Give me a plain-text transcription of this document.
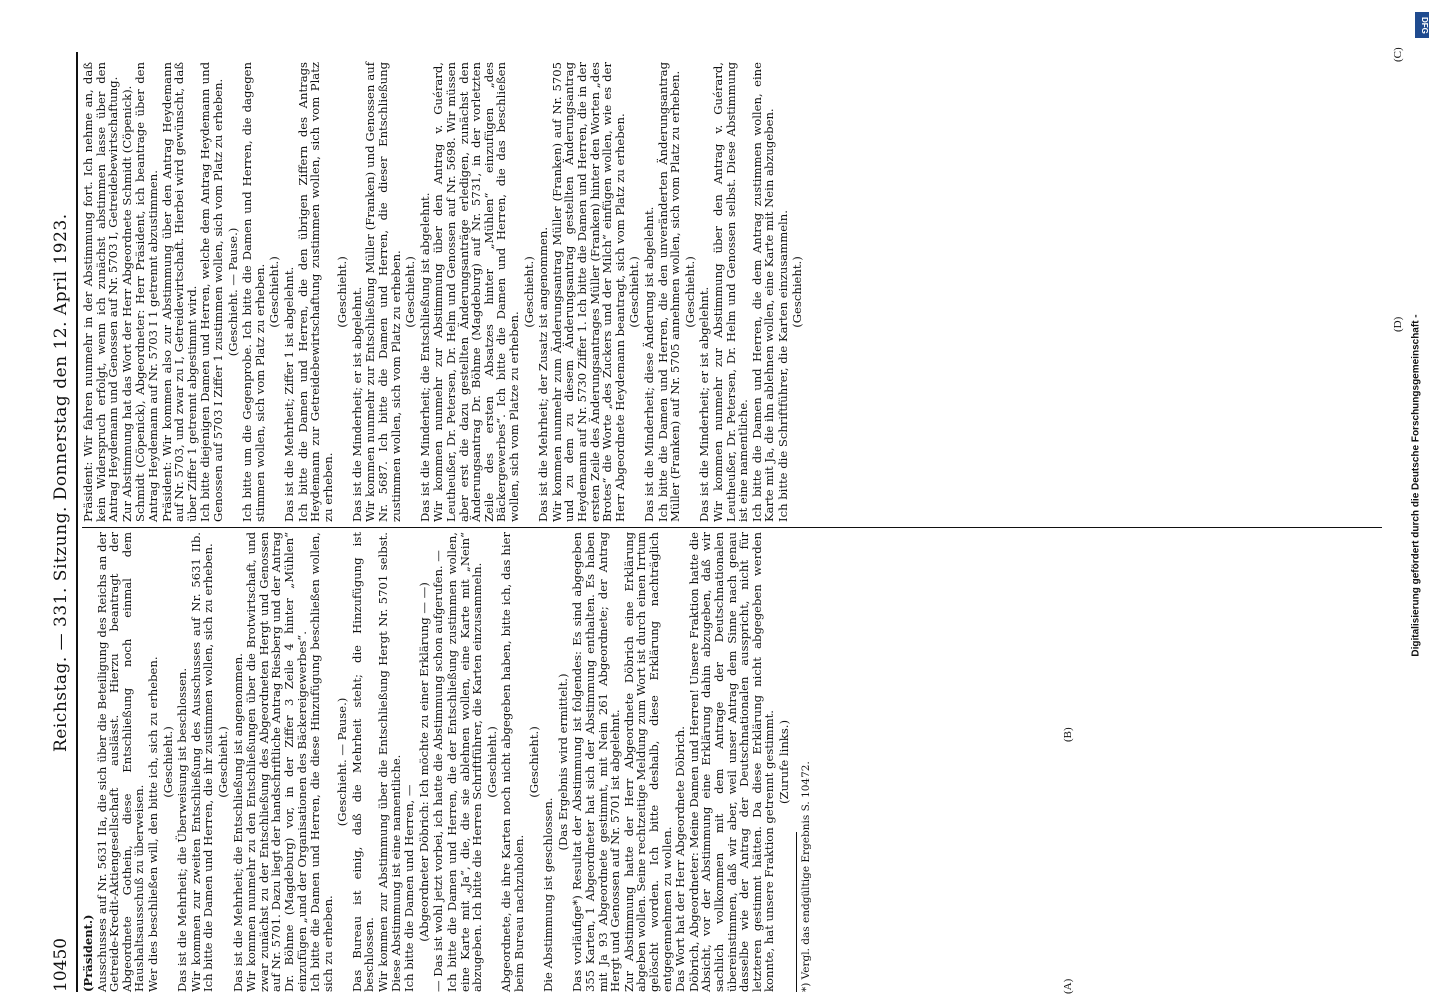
10450
Reichstag. — 331. Sitzung. Donnerstag den 12. April 1923.

(Präsident.) Ausschusses auf Nr. 5631 IIa, die sich über die Beteiligung des Reichs an der Getreide-Kredit-Aktiengesellschaft auslässt. Hierzu beantragt der Abgeordnete Gothein, diese Entschließung noch einmal dem Haushaltsausschuß zu überweisen. Wer dies beschließen will, den bitte ich, sich zu erheben. (Geschieht.) Das ist die Mehrheit; die Überweisung ist beschlossen. Wir kommen zur zweiten Entschließung des Ausschusses auf Nr. 5631 IIb. Ich bitte die Damen und Herren, die ihr zustimmen wollen, sich zu erheben. (Geschieht.) Das ist die Mehrheit; die Entschließung ist angenommen. Wir kommen nunmehr zu den Entschließungen über die Brotwirtschaft, und zwar zunächst zu der Entschließung des Abgeordneten Hergt und Genossen auf Nr. 5701. Dazu liegt der handschriftliche Antrag Riesberg und der Antrag Dr. Böhme (Magdeburg) vor, in der Ziffer 3 Zeile 4 hinter „Mühlen“ einzufügen „und der Organisationen des Bäckereigewerbes“. Ich bitte die Damen und Herren, die diese Hinzufügung beschließen wollen, sich zu erheben.

(Geschieht. — Pause.) Das Bureau ist einig, daß die Mehrheit steht; die Hinzufügung ist beschlossen. Wir kommen zur Abstimmung über die Entschließung Hergt Nr. 5701 selbst. Diese Abstimmung ist eine namentliche. Ich bitte die Damen und Herren, — (Abgeordneter Döbrich: Ich möchte zu einer Erklärung — —) — Das ist wohl jetzt vorbei, ich hatte die Abstimmung schon aufgerufen. — Ich bitte die Damen und Herren, die der Entschließung zustimmen wollen, eine Karte mit „Ja“, die, die sie ablehnen wollen, eine Karte mit „Nein“ abzugeben. Ich bitte die Herren Schriftführer, die Karten einzusammeln. (Geschieht.) Abgeordnete, die ihre Karten noch nicht abgegeben haben, bitte ich, das hier beim Bureau nachzuholen.

(Geschieht.)

Die Abstimmung ist geschlossen.

(Das Ergebnis wird ermittelt.) Das vorläufige*) Resultat der Abstimmung ist folgendes: Es sind abgegeben 355 Karten, 1 Abgeordneter hat sich der Abstimmung enthalten. Es haben mit Ja 93 Abgeordnete gestimmt, mit Nein 261 Abgeordnete; der Antrag Hergt und Genossen auf Nr. 5701 ist abgelehnt. Zur Abstimmung hatte der Herr Abgeordnete Döbrich eine Erklärung abgeben wollen. Seine rechtzeitige Meldung zum Wort ist durch einen Irrtum gelöscht worden. Ich bitte deshalb, diese Erklärung nachträglich entgegennehmen zu wollen. Das Wort hat der Herr Abgeordnete Döbrich. Döbrich, Abgeordneter: Meine Damen und Herren! Unsere Fraktion hatte die Absicht, vor der Abstimmung eine Erklärung dahin abzugeben, daß wir sachlich vollkommen mit dem Antrage der Deutschnationalen übereinstimmen, daß wir aber, weil unser Antrag dem Sinne nach genau dasselbe wie der Antrag der Deutschnationalen ausspricht, nicht für letzteren gestimmt hätten. Da diese Erklärung nicht abgegeben werden konnte, hat unsere Fraktion getrennt gestimmt. (Zurufe links.) *) Vergl. das endgültige Ergebnis S. 10472.

Präsident: Wir fahren nunmehr in der Abstimmung fort. Ich nehme an, daß kein Widerspruch erfolgt, wenn ich zunächst abstimmen lasse über den Antrag Heydemann und Genossen auf Nr. 5703 I, Getreidebewirtschaftung. Zur Abstimmung hat das Wort der Herr Abgeordnete Schmidt (Cöpenick). Schmidt (Cöpenick), Abgeordneter: Herr Präsident, ich beantrage über den Antrag Heydemann auf Nr. 5703 I 1 getrennt abzustimmen. Präsident: Wir kommen also zur Abstimmung über den Antrag Heydemann auf Nr. 5703, und zwar zu I, Getreidewirtschaft. Hierbei wird gewünscht, daß über Ziffer 1 getrennt abgestimmt wird. Ich bitte diejenigen Damen und Herren, welche dem Antrag Heydemann und Genossen auf 5703 I Ziffer 1 zustimmen wollen, sich vom Platz zu erheben. (Geschieht. — Pause.) Ich bitte um die Gegenprobe. Ich bitte die Damen und Herren, die dagegen stimmen wollen, sich vom Platz zu erheben. (Geschieht.) Das ist die Mehrheit; Ziffer 1 ist abgelehnt. Ich bitte die Damen und Herren, die den übrigen Ziffern des Antrags Heydemann zur Getreidebewirtschaftung zustimmen wollen, sich vom Platz zu erheben.

(Geschieht.) Das ist die Minderheit; er ist abgelehnt. Wir kommen nunmehr zur Entschließung Müller (Franken) und Genossen auf Nr. 5687. Ich bitte die Damen und Herren, die dieser Entschließung zustimmen wollen, sich vom Platz zu erheben. (Geschieht.) Das ist die Minderheit; die Entschließung ist abgelehnt. Wir kommen nunmehr zur Abstimmung über den Antrag v. Guérard, Leutheußer, Dr. Petersen, Dr. Helm und Genossen auf Nr. 5698. Wir müssen aber erst die dazu gestellten Änderungsanträge erledigen, zunächst den Änderungsantrag Dr. Böhme (Magdeburg) auf Nr. 5731, in der vorletzten Zeile des ersten Absatzes hinter „Mühlen“ einzufügen „des Bäckergewerbes“. Ich bitte die Damen und Herren, die das beschließen wollen, sich vom Platze zu erheben.

(Geschieht.) Das ist die Mehrheit; der Zusatz ist angenommen. Wir kommen nunmehr zum Änderungsantrag Müller (Franken) auf Nr. 5705 und zu dem zu diesem Änderungsantrag gestellten Änderungsantrag Heydemann auf Nr. 5730 Ziffer 1. Ich bitte die Damen und Herren, die in der ersten Zeile des Änderungsantrages Müller (Franken) hinter den Worten „des Brotes“ die Worte „des Zuckers und der Milch“ einfügen wollen, wie es der Herr Abgeordnete Heydemann beantragt, sich vom Platz zu erheben. (Geschieht.) Das ist die Minderheit; diese Änderung ist abgelehnt. Ich bitte die Damen und Herren, die den unveränderten Änderungsantrag Müller (Franken) auf Nr. 5705 annehmen wollen, sich vom Platz zu erheben. (Geschieht.) Das ist die Minderheit; er ist abgelehnt. Wir kommen nunmehr zur Abstimmung über den Antrag v. Guérard, Leutheußer, Dr. Petersen, Dr. Helm und Genossen selbst. Diese Abstimmung ist eine namentliche. Ich bitte die Damen und Herren, die dem Antrag zustimmen wollen, eine Karte mit Ja, die ihn ablehnen wollen, eine Karte mit Nein abzugeben. Ich bitte die Schriftführer, die Karten einzusammeln. (Geschieht.)

(A)
(B)
(C)
(D)
DFG
Digitalisierung gefördert durch die Deutsche Forschungsgemeinschaft -
